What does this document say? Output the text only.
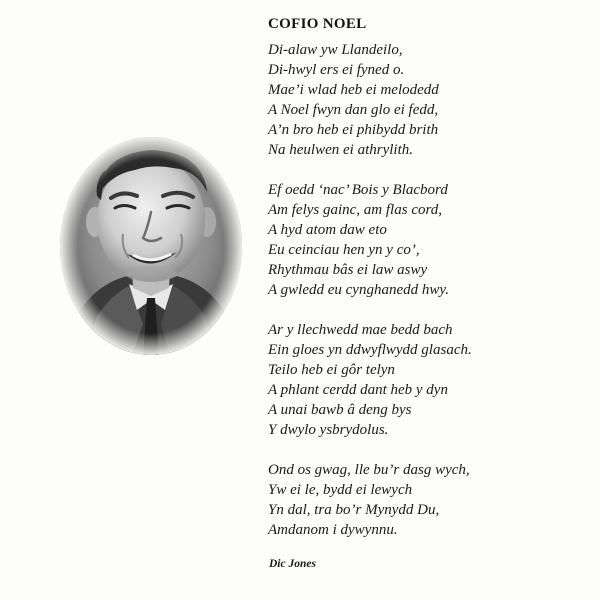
COFIO NOEL
Di-alaw yw Llandeilo,
Di-hwyl ers ei fyned o.
Mae’i wlad heb ei melodedd
A Noel fwyn dan glo ei fedd,
A’n bro heb ei phibydd brith
Na heulwen ei athrylith.
Ef oedd ‘nac’ Bois y Blacbord
Am felys gainc, am flas cord,
A hyd atom daw eto
Eu ceinciau hen yn y co’,
Rhythmau bâs ei law aswy
A gwledd eu cynghanedd hwy.
Ar y llechwedd mae bedd bach
Ein gloes yn ddwyflwydd glasach.
Teilo heb ei gôr telyn
A phlant cerdd dant heb y dyn
A unai bawb â deng bys
Y dwylo ysbrydolus.
Ond os gwag, lle bu’r dasg wych,
Yw ei le, bydd ei lewych
Yn dal, tra bo’r Mynydd Du,
Amdanom i dywynnu.
Dic Jones
